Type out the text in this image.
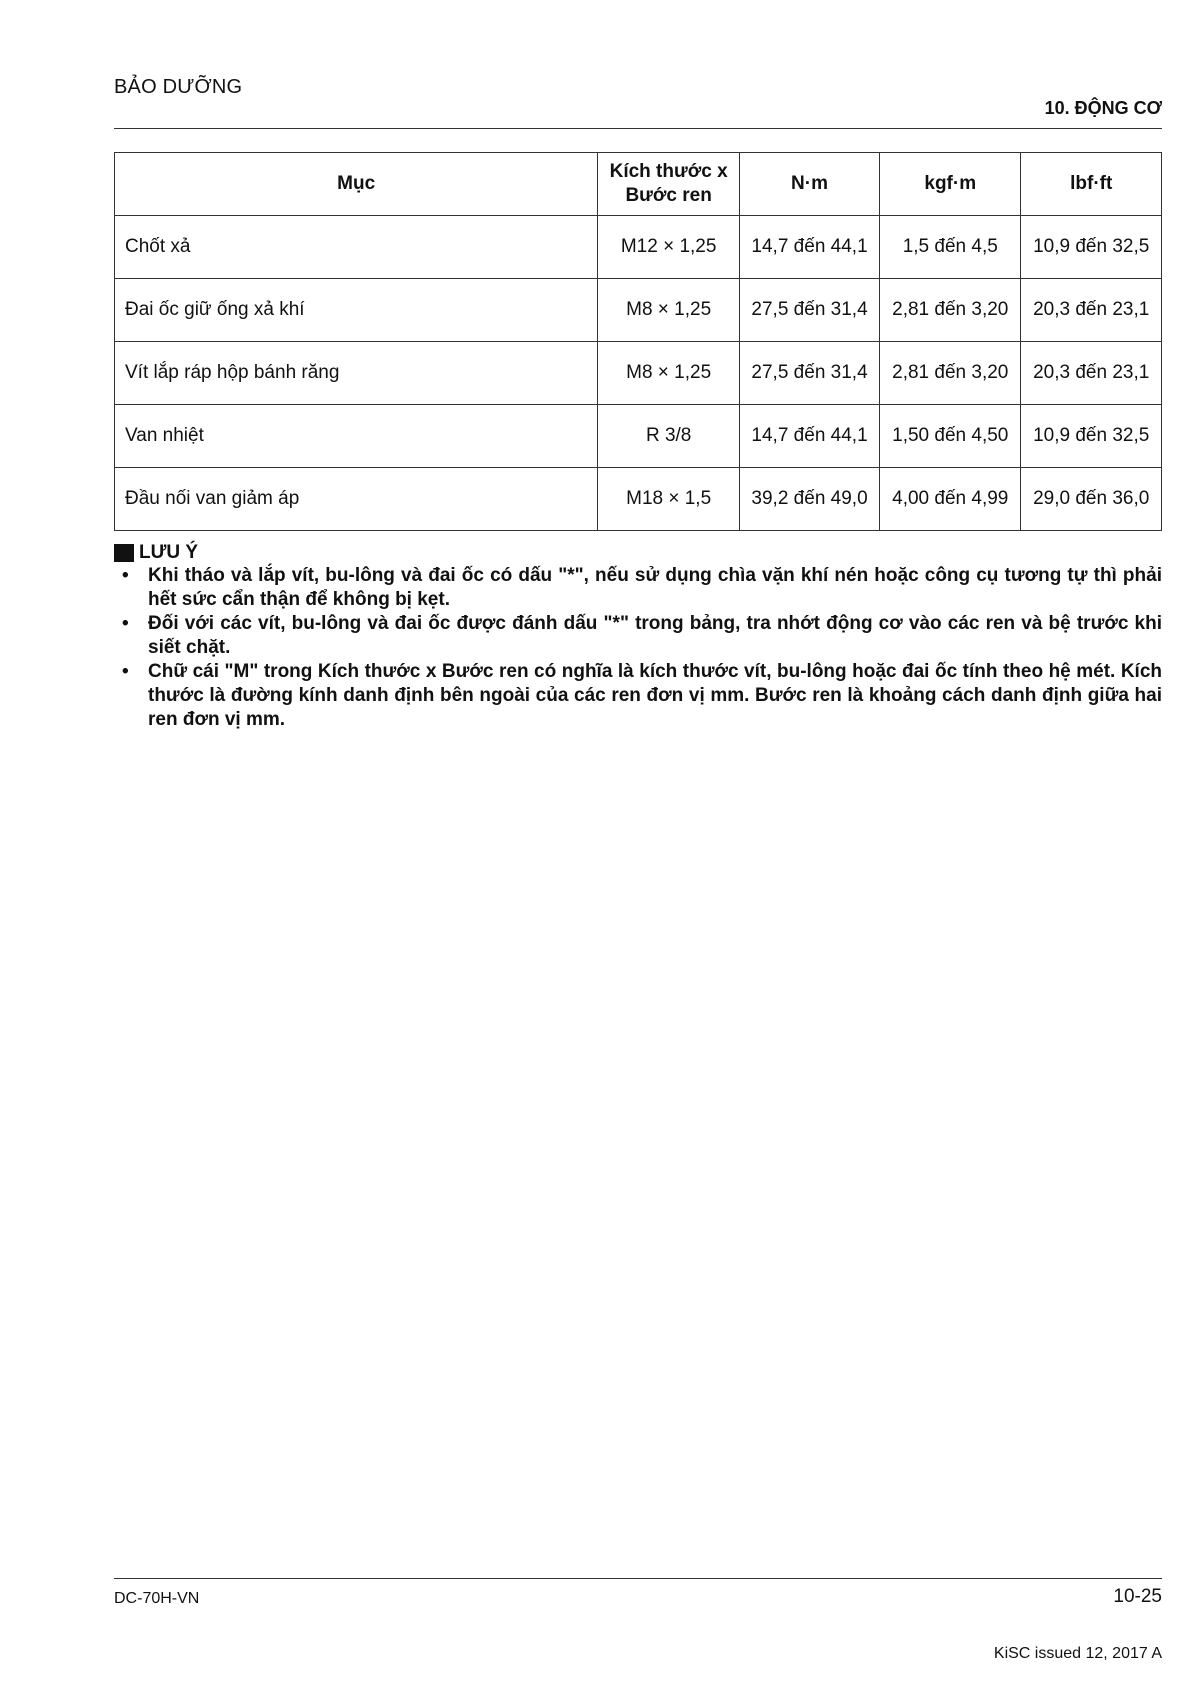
BẢO DƯỠNG
10. ĐỘNG CƠ
Mục	Kích thước x Bước ren	N·m	kgf·m	lbf·ft
Chốt xả	M12 × 1,25	14,7 đến 44,1	1,5 đến 4,5	10,9 đến 32,5
Đai ốc giữ ống xả khí	M8 × 1,25	27,5 đến 31,4	2,81 đến 3,20	20,3 đến 23,1
Vít lắp ráp hộp bánh răng	M8 × 1,25	27,5 đến 31,4	2,81 đến 3,20	20,3 đến 23,1
Van nhiệt	R 3/8	14,7 đến 44,1	1,50 đến 4,50	10,9 đến 32,5
Đầu nối van giảm áp	M18 × 1,5	39,2 đến 49,0	4,00 đến 4,99	29,0 đến 36,0
LƯU Ý
• Khi tháo và lắp vít, bu-lông và đai ốc có dấu "*", nếu sử dụng chìa vặn khí nén hoặc công cụ tương tự thì phải hết sức cẩn thận để không bị kẹt.
• Đối với các vít, bu-lông và đai ốc được đánh dấu "*" trong bảng, tra nhớt động cơ vào các ren và bệ trước khi siết chặt.
• Chữ cái "M" trong Kích thước x Bước ren có nghĩa là kích thước vít, bu-lông hoặc đai ốc tính theo hệ mét. Kích thước là đường kính danh định bên ngoài của các ren đơn vị mm. Bước ren là khoảng cách danh định giữa hai ren đơn vị mm.
DC-70H-VN	10-25
KiSC issued 12, 2017 A
